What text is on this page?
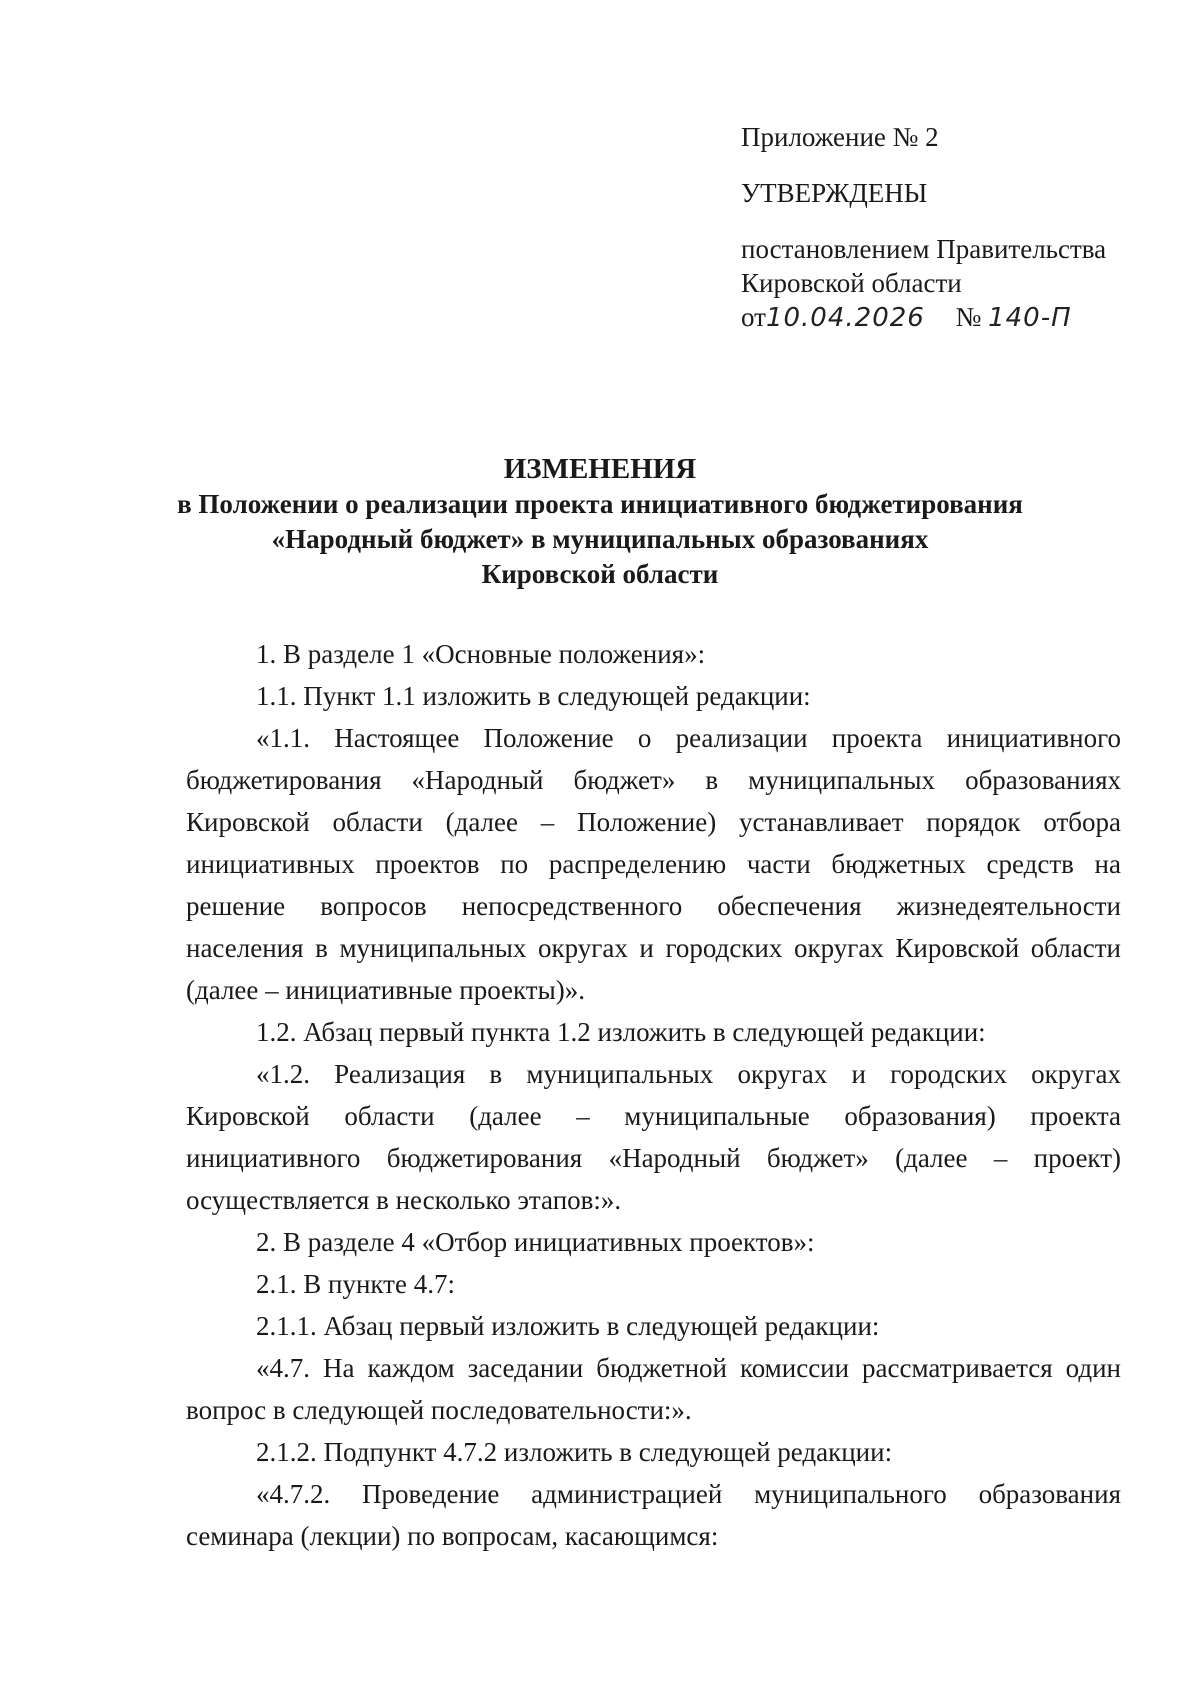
Приложение № 2
УТВЕРЖДЕНЫ
постановлением Правительства
Кировской области
от10.04.2026 № 140-П
ИЗМЕНЕНИЯ
в Положении о реализации проекта инициативного бюджетирования
«Народный бюджет» в муниципальных образованиях
Кировской области

1. В разделе 1 «Основные положения»:

1.1. Пункт 1.1 изложить в следующей редакции:

«1.1. Настоящее Положение о реализации проекта инициативного бюджетирования «Народный бюджет» в муниципальных образованиях Кировской области (далее – Положение) устанавливает порядок отбора инициативных проектов по распределению части бюджетных средств на решение вопросов непосредственного обеспечения жизнедеятельности населения в муниципальных округах и городских округах Кировской области (далее – инициативные проекты)».

1.2. Абзац первый пункта 1.2 изложить в следующей редакции:

«1.2. Реализация в муниципальных округах и городских округах Кировской области (далее – муниципальные образования) проекта инициативного бюджетирования «Народный бюджет» (далее – проект) осуществляется в несколько этапов:».

2. В разделе 4 «Отбор инициативных проектов»:

2.1. В пункте 4.7:

2.1.1. Абзац первый изложить в следующей редакции:

«4.7. На каждом заседании бюджетной комиссии рассматривается один вопрос в следующей последовательности:».

2.1.2. Подпункт 4.7.2 изложить в следующей редакции:

«4.7.2. Проведение администрацией муниципального образования семинара (лекции) по вопросам, касающимся:
